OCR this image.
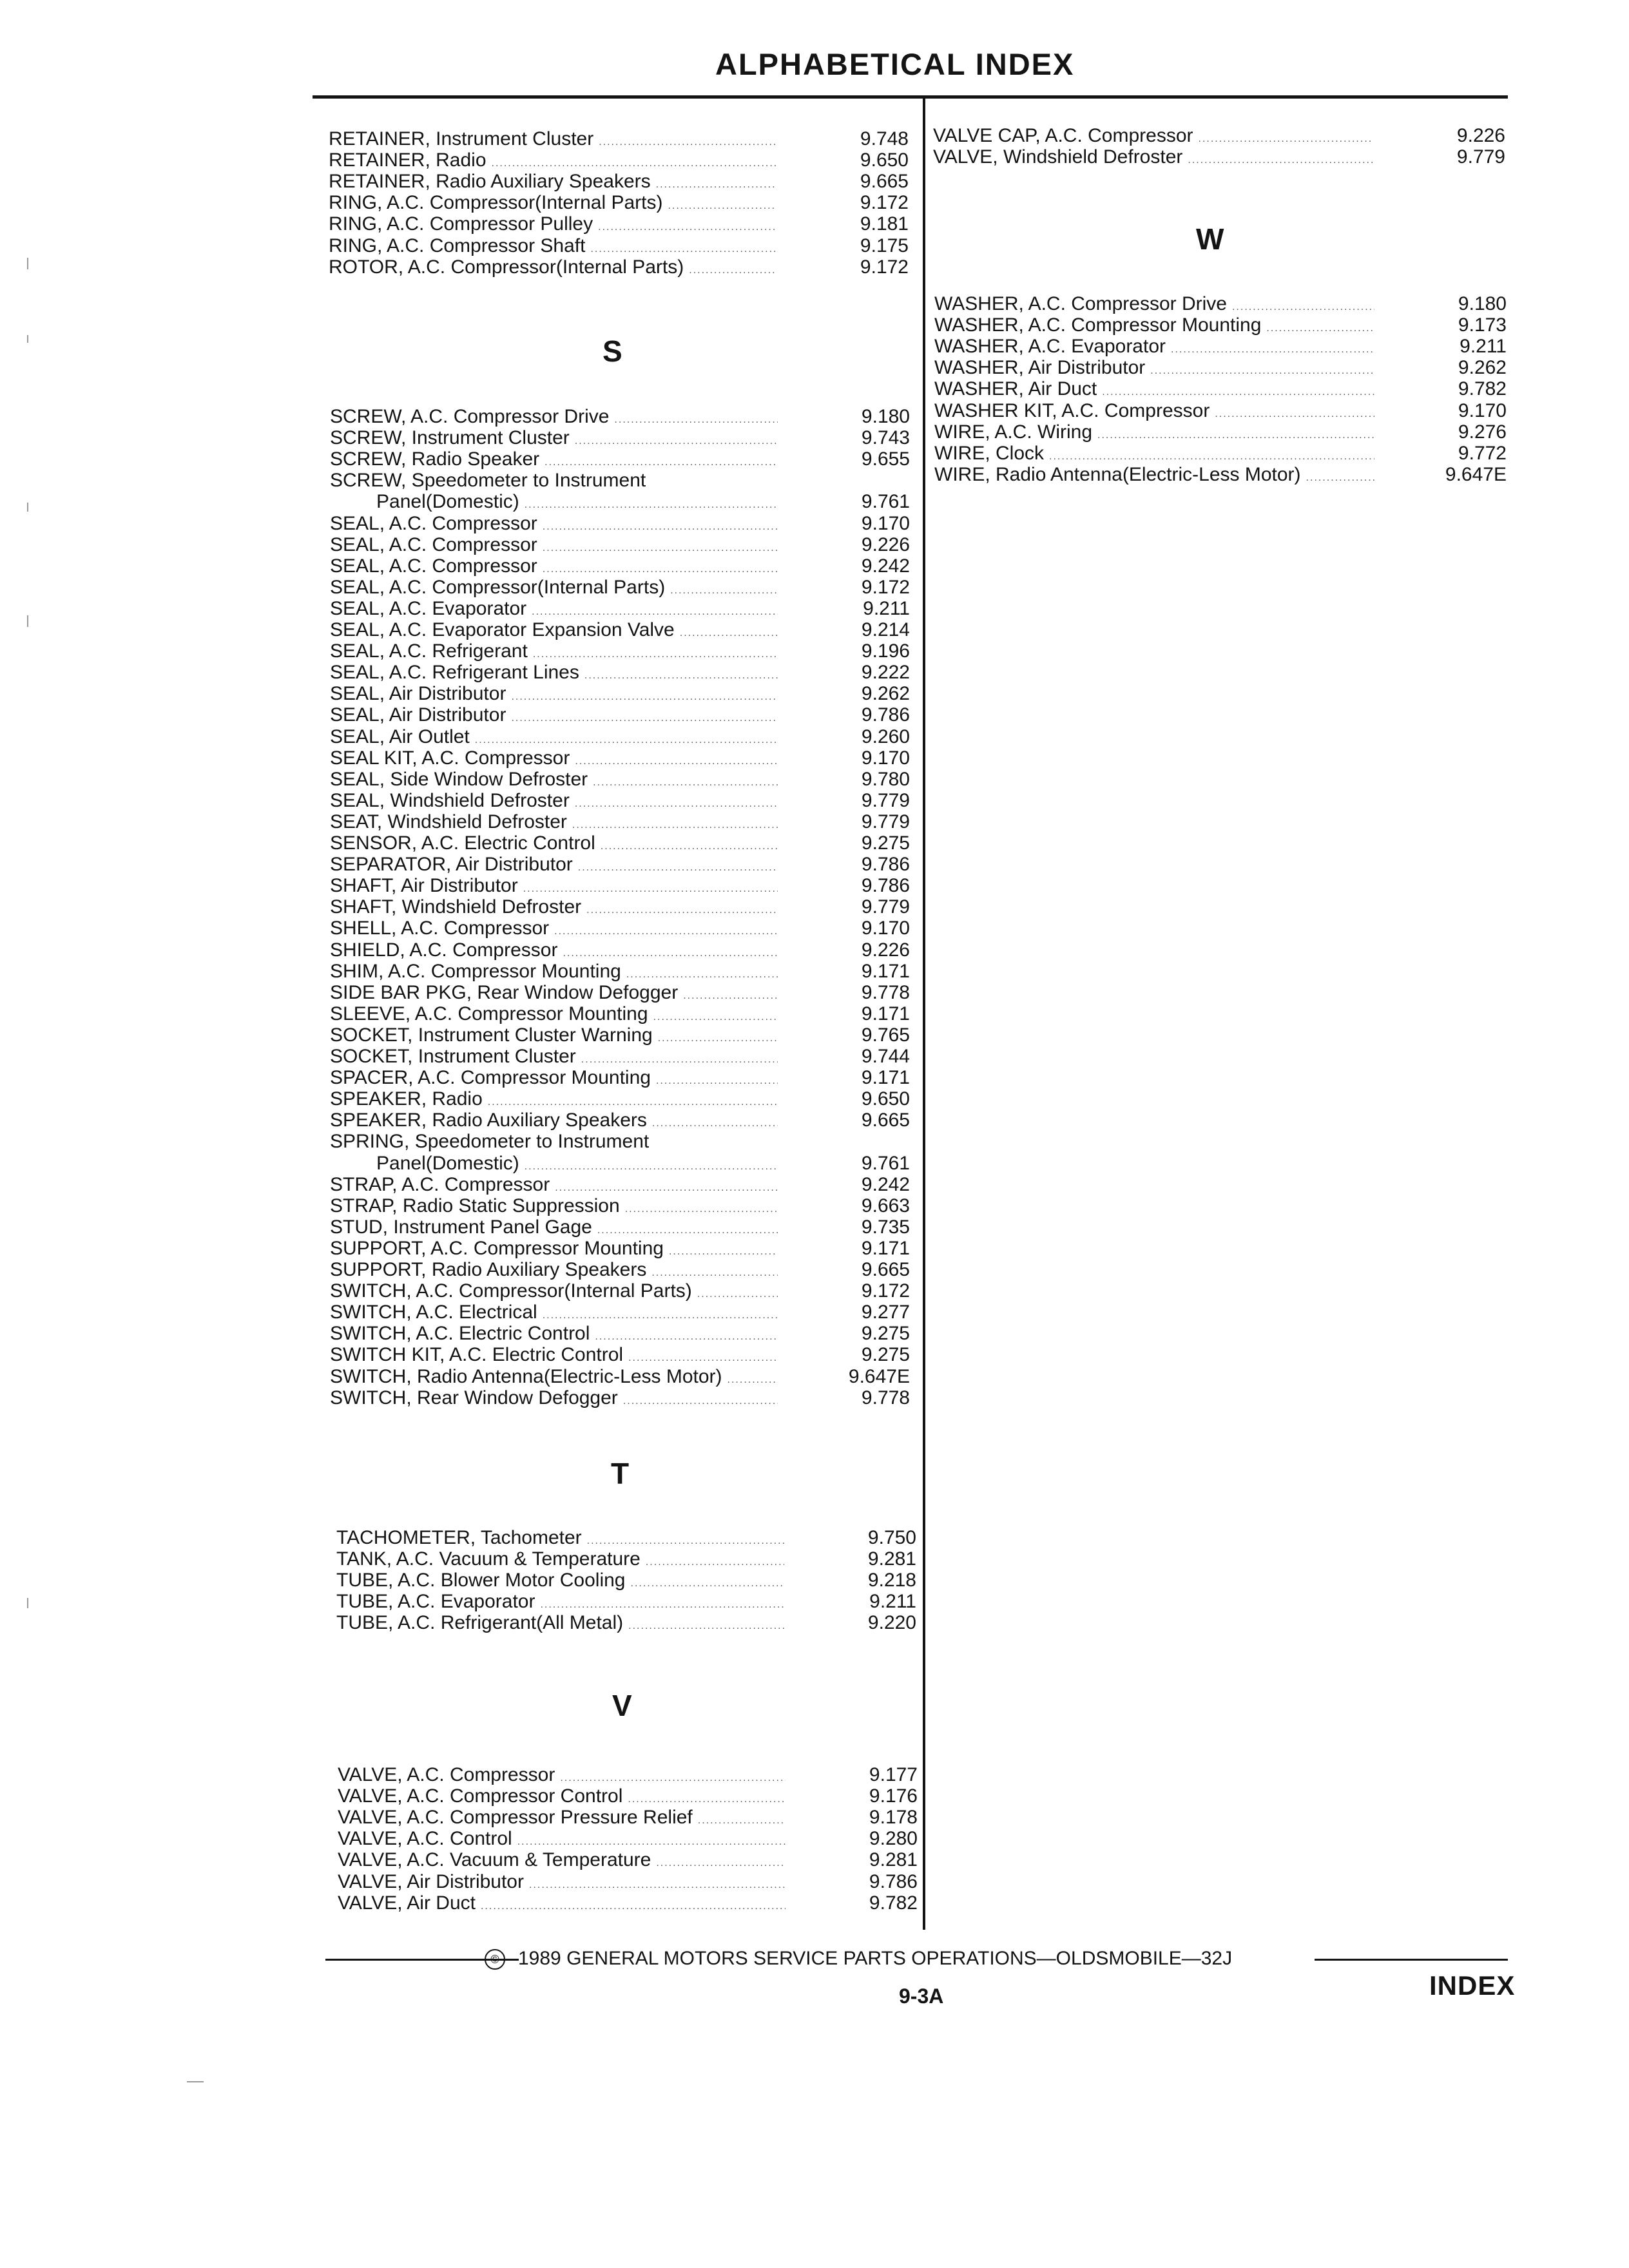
ALPHABETICAL INDEX
RETAINER, Instrument Cluster .....	9.748
RETAINER, Radio .....	9.650
RETAINER, Radio Auxiliary Speakers .....	9.665
RING, A.C. Compressor(Internal Parts) .....	9.172
RING, A.C. Compressor Pulley .....	9.181
RING, A.C. Compressor Shaft .....	9.175
ROTOR, A.C. Compressor(Internal Parts) .....	9.172
S
SCREW, A.C. Compressor Drive .....	9.180
SCREW, Instrument Cluster .....	9.743
SCREW, Radio Speaker .....	9.655
SCREW, Speedometer to Instrument
Panel(Domestic) .....	9.761
SEAL, A.C. Compressor .....	9.170
SEAL, A.C. Compressor .....	9.226
SEAL, A.C. Compressor .....	9.242
SEAL, A.C. Compressor(Internal Parts) .....	9.172
SEAL, A.C. Evaporator .....	9.211
SEAL, A.C. Evaporator Expansion Valve .....	9.214
SEAL, A.C. Refrigerant .....	9.196
SEAL, A.C. Refrigerant Lines .....	9.222
SEAL, Air Distributor .....	9.262
SEAL, Air Distributor .....	9.786
SEAL, Air Outlet .....	9.260
SEAL KIT, A.C. Compressor .....	9.170
SEAL, Side Window Defroster .....	9.780
SEAL, Windshield Defroster .....	9.779
SEAT, Windshield Defroster .....	9.779
SENSOR, A.C. Electric Control .....	9.275
SEPARATOR, Air Distributor .....	9.786
SHAFT, Air Distributor .....	9.786
SHAFT, Windshield Defroster .....	9.779
SHELL, A.C. Compressor .....	9.170
SHIELD, A.C. Compressor .....	9.226
SHIM, A.C. Compressor Mounting .....	9.171
SIDE BAR PKG, Rear Window Defogger .....	9.778
SLEEVE, A.C. Compressor Mounting .....	9.171
SOCKET, Instrument Cluster Warning .....	9.765
SOCKET, Instrument Cluster .....	9.744
SPACER, A.C. Compressor Mounting .....	9.171
SPEAKER, Radio .....	9.650
SPEAKER, Radio Auxiliary Speakers .....	9.665
SPRING, Speedometer to Instrument
Panel(Domestic) .....	9.761
STRAP, A.C. Compressor .....	9.242
STRAP, Radio Static Suppression .....	9.663
STUD, Instrument Panel Gage .....	9.735
SUPPORT, A.C. Compressor Mounting .....	9.171
SUPPORT, Radio Auxiliary Speakers .....	9.665
SWITCH, A.C. Compressor(Internal Parts) .....	9.172
SWITCH, A.C. Electrical .....	9.277
SWITCH, A.C. Electric Control .....	9.275
SWITCH KIT, A.C. Electric Control .....	9.275
SWITCH, Radio Antenna(Electric-Less Motor) .....	9.647E
SWITCH, Rear Window Defogger .....	9.778
T
TACHOMETER, Tachometer .....	9.750
TANK, A.C. Vacuum & Temperature .....	9.281
TUBE, A.C. Blower Motor Cooling .....	9.218
TUBE, A.C. Evaporator .....	9.211
TUBE, A.C. Refrigerant(All Metal) .....	9.220
V
VALVE, A.C. Compressor .....	9.177
VALVE, A.C. Compressor Control .....	9.176
VALVE, A.C. Compressor Pressure Relief .....	9.178
VALVE, A.C. Control .....	9.280
VALVE, A.C. Vacuum & Temperature .....	9.281
VALVE, Air Distributor .....	9.786
VALVE, Air Duct .....	9.782
VALVE CAP, A.C. Compressor .....	9.226
VALVE, Windshield Defroster .....	9.779
W
WASHER, A.C. Compressor Drive .....	9.180
WASHER, A.C. Compressor Mounting .....	9.173
WASHER, A.C. Evaporator .....	9.211
WASHER, Air Distributor .....	9.262
WASHER, Air Duct .....	9.782
WASHER KIT, A.C. Compressor .....	9.170
WIRE, A.C. Wiring .....	9.276
WIRE, Clock .....	9.772
WIRE, Radio Antenna(Electric-Less Motor) .....	9.647E
© 1989 GENERAL MOTORS SERVICE PARTS OPERATIONS—OLDSMOBILE—32J
9-3A	INDEX
